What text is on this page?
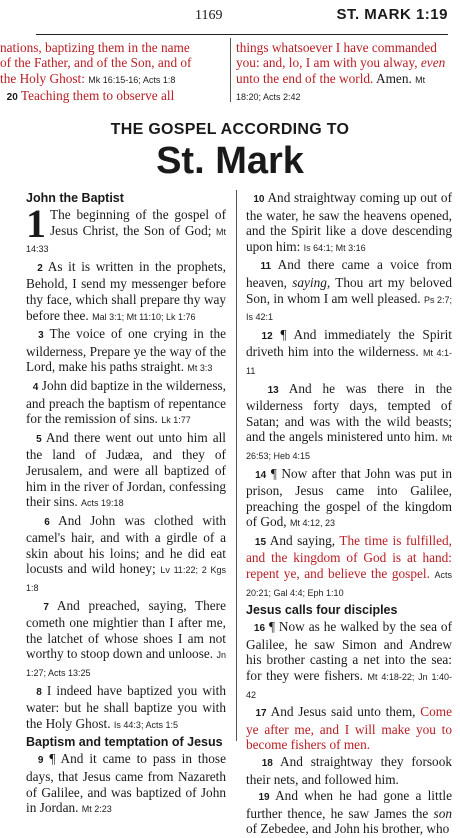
1169	ST. MARK 1:19
nations, baptizing them in the name
of the Father, and of the Son, and of
the Holy Ghost: Mk 16:15-16; Acts 1:8
20 Teaching them to observe all
things whatsoever I have commanded
you: and, lo, I am with you alway, even
unto the end of the world. Amen. Mt 18:20; Acts 2:42
THE GOSPEL ACCORDING TO
St. Mark
John the Baptist

1 The beginning of the gospel of Jesus Christ, the Son of God; Mt 14:33

2 As it is written in the prophets, Behold, I send my messenger before thy face, which shall prepare thy way before thee. Mal 3:1; Mt 11:10; Lk 1:76

3 The voice of one crying in the wilderness, Prepare ye the way of the Lord, make his paths straight. Mt 3:3

4 John did baptize in the wilderness, and preach the baptism of repentance for the remission of sins. Lk 1:77

5 And there went out unto him all the land of Judæa, and they of Jerusalem, and were all baptized of him in the river of Jordan, confessing their sins. Acts 19:18

6 And John was clothed with camel's hair, and with a girdle of a skin about his loins; and he did eat locusts and wild honey; Lv 11:22; 2 Kgs 1:8

7 And preached, saying, There cometh one mightier than I after me, the latchet of whose shoes I am not worthy to stoop down and unloose. Jn 1:27; Acts 13:25

8 I indeed have baptized you with water: but he shall baptize you with the Holy Ghost. Is 44:3; Acts 1:5

Baptism and temptation of Jesus

9 ¶ And it came to pass in those days, that Jesus came from Nazareth of Galilee, and was baptized of John in Jordan. Mt 2:23

10 And straightway coming up out of the water, he saw the heavens opened, and the Spirit like a dove descending upon him: Is 64:1; Mt 3:16

11 And there came a voice from heaven, saying, Thou art my beloved Son, in whom I am well pleased. Ps 2:7; Is 42:1

12 ¶ And immediately the Spirit driveth him into the wilderness. Mt 4:1-11

13 And he was there in the wilderness forty days, tempted of Satan; and was with the wild beasts; and the angels ministered unto him. Mt 26:53; Heb 4:15

14 ¶ Now after that John was put in prison, Jesus came into Galilee, preaching the gospel of the kingdom of God, Mt 4:12, 23

15 And saying, The time is fulfilled, and the kingdom of God is at hand: repent ye, and believe the gospel. Acts 20:21; Gal 4:4; Eph 1:10

Jesus calls four disciples

16 ¶ Now as he walked by the sea of Galilee, he saw Simon and Andrew his brother casting a net into the sea: for they were fishers. Mt 4:18-22; Jn 1:40-42

17 And Jesus said unto them, Come ye after me, and I will make you to become fishers of men.

18 And straightway they forsook their nets, and followed him.

19 And when he had gone a little further thence, he saw James the son of Zebedee, and John his brother, who
